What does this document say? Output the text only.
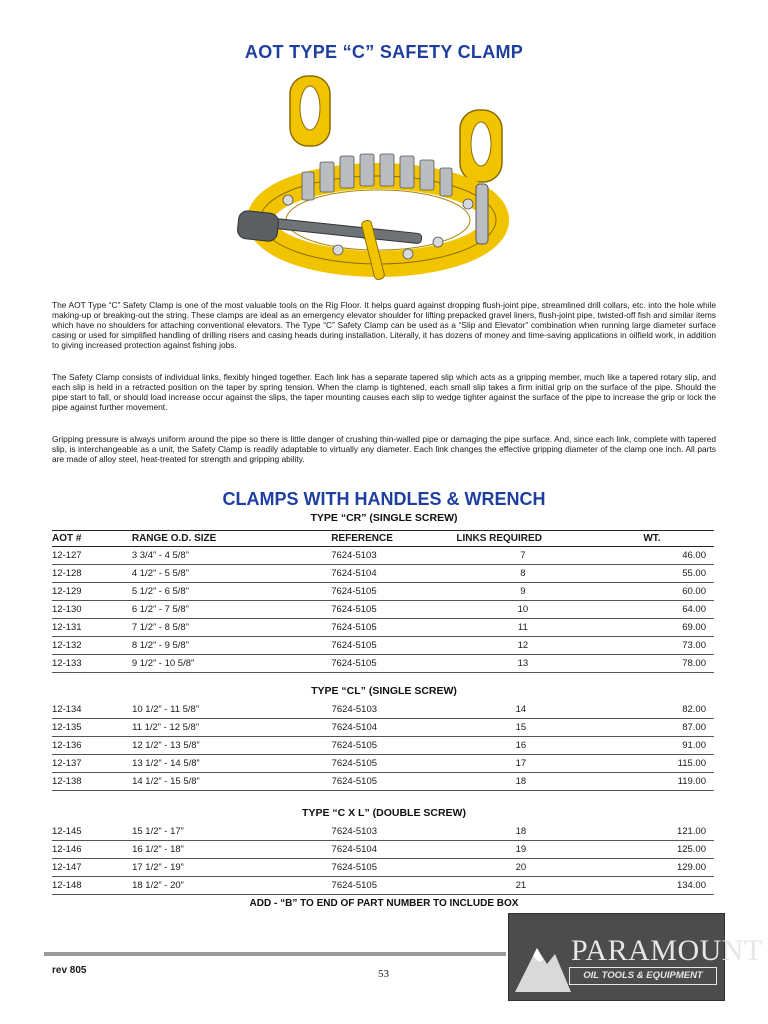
AOT TYPE “C” SAFETY CLAMP

The AOT Type “C” Safety Clamp is one of the most valuable tools on the Rig Floor. It helps guard against dropping flush-joint pipe, streamlined drill collars, etc. into the hole while making-up or breaking-out the string. These clamps are ideal as an emergency elevator shoulder for lifting prepacked gravel liners, flush-joint pipe, twisted-off fish and similar items which have no shoulders for attaching conventional elevators. The Type “C” Safety Clamp can be used as a “Slip and Elevator” combination when running large diameter surface casing or used for simplified handling of drilling risers and casing heads during installation. Literally, it has dozens of money and time-saving applications in oilfield work, in addition to giving increased protection against fishing jobs.

The Safety Clamp consists of individual links, flexibly hinged together. Each link has a separate tapered slip which acts as a gripping member, much like a tapered rotary slip, and each slip is held in a retracted position on the taper by spring tension. When the clamp is tightened, each small slip takes a firm initial grip on the surface of the pipe. Should the pipe start to fall, or should load increase occur against the slips, the taper mounting causes each slip to wedge tighter against the surface of the pipe to increase the grip or lock the pipe against further movement.

Gripping pressure is always uniform around the pipe so there is little danger of crushing thin-walled pipe or damaging the pipe surface. And, since each link, complete with tapered slip, is interchangeable as a unit, the Safety Clamp is readily adaptable to virtually any diameter. Each link changes the effective gripping diameter of the clamp one inch. All parts are made of alloy steel, heat-treated for strength and gripping ability.

CLAMPS WITH HANDLES & WRENCH
TYPE “CR” (SINGLE SCREW)
AOT #	RANGE O.D. SIZE	REFERENCE	LINKS REQUIRED	WT.
12-127	3 3/4” - 4 5/8”	7624-5103	7	46.00
12-128	4 1/2” - 5 5/8”	7624-5104	8	55.00
12-129	5 1/2” - 6 5/8”	7624-5105	9	60.00
12-130	6 1/2” - 7 5/8”	7624-5105	10	64.00
12-131	7 1/2” - 8 5/8”	7624-5105	11	69.00
12-132	8 1/2” - 9 5/8”	7624-5105	12	73.00
12-133	9 1/2” - 10 5/8”	7624-5105	13	78.00
TYPE “CL” (SINGLE SCREW)
12-134	10 1/2” - 11 5/8”	7624-5103	14	82.00
12-135	11 1/2” - 12 5/8”	7624-5104	15	87.00
12-136	12 1/2” - 13 5/8”	7624-5105	16	91.00
12-137	13 1/2” - 14 5/8”	7624-5105	17	115.00
12-138	14 1/2” - 15 5/8”	7624-5105	18	119.00
TYPE “C X L” (DOUBLE SCREW)
12-145	15 1/2” - 17”	7624-5103	18	121.00
12-146	16 1/2” - 18”	7624-5104	19	125.00
12-147	17 1/2” - 19”	7624-5105	20	129.00
12-148	18 1/2” - 20”	7624-5105	21	134.00
ADD - “B” TO END OF PART NUMBER TO INCLUDE BOX
rev 805	53
PARAMOUNT
OIL TOOLS & EQUIPMENT
